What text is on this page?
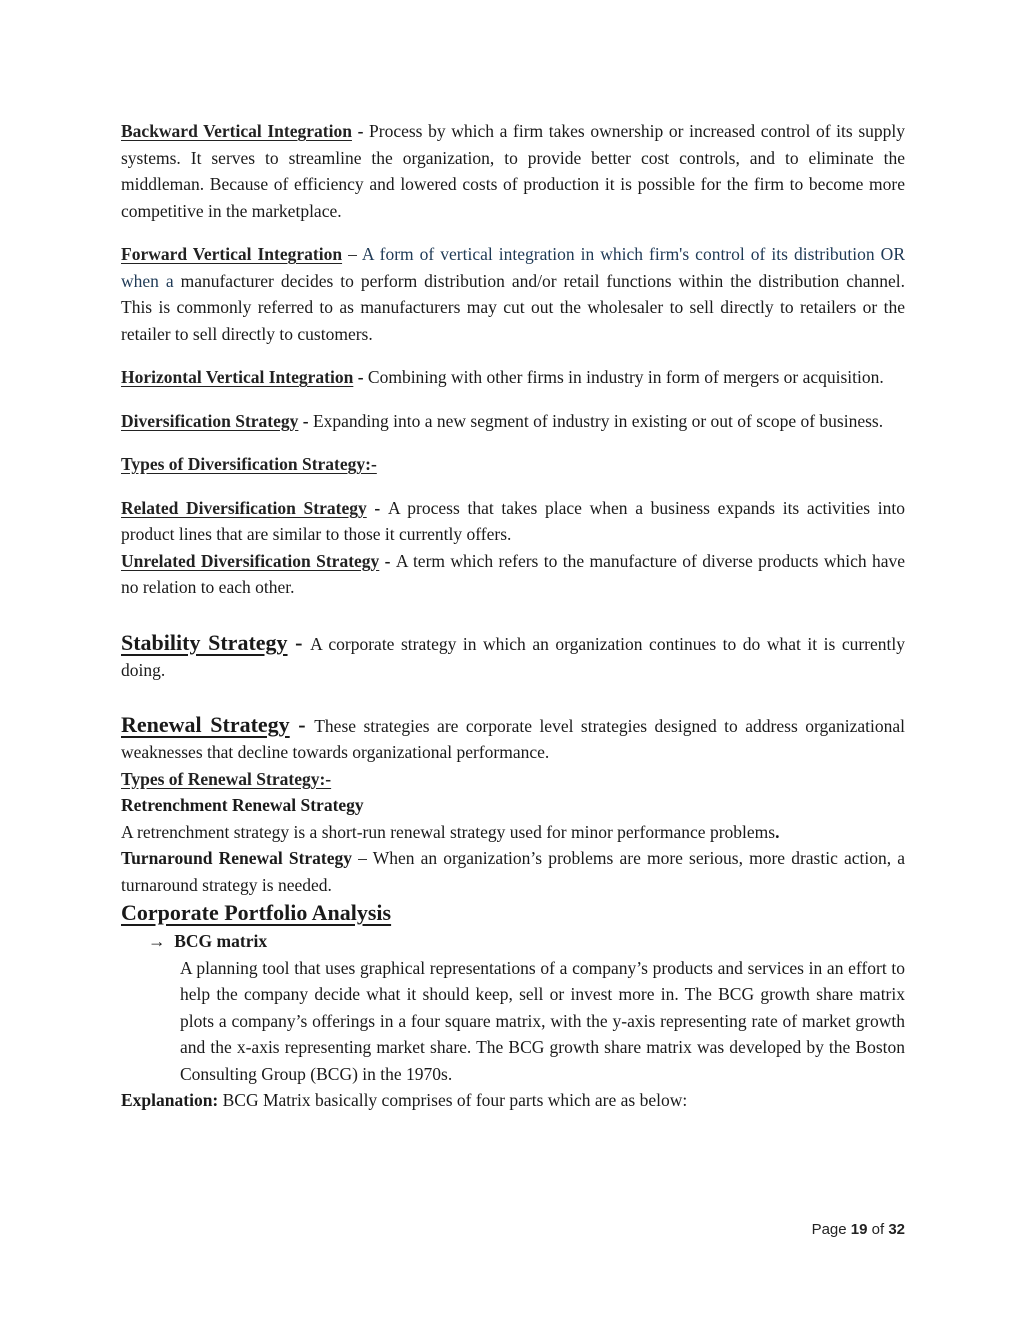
Backward Vertical Integration - Process by which a firm takes ownership or increased control of its supply systems. It serves to streamline the organization, to provide better cost controls, and to eliminate the middleman. Because of efficiency and lowered costs of production it is possible for the firm to become more competitive in the marketplace.

Forward Vertical Integration – A form of vertical integration in which firm's control of its distribution OR when a manufacturer decides to perform distribution and/or retail functions within the distribution channel. This is commonly referred to as manufacturers may cut out the wholesaler to sell directly to retailers or the retailer to sell directly to customers.

Horizontal Vertical Integration - Combining with other firms in industry in form of mergers or acquisition.

Diversification Strategy - Expanding into a new segment of industry in existing or out of scope of business.

Types of Diversification Strategy:-

Related Diversification Strategy - A process that takes place when a business expands its activities into product lines that are similar to those it currently offers.

Unrelated Diversification Strategy - A term which refers to the manufacture of diverse products which have no relation to each other.

Stability Strategy - A corporate strategy in which an organization continues to do what it is currently doing.

Renewal Strategy - These strategies are corporate level strategies designed to address organizational weaknesses that decline towards organizational performance.

Types of Renewal Strategy:-

Retrenchment Renewal Strategy

A retrenchment strategy is a short-run renewal strategy used for minor performance problems.

Turnaround Renewal Strategy – When an organization’s problems are more serious, more drastic action, a turnaround strategy is needed.

Corporate Portfolio Analysis

→ BCG matrix

A planning tool that uses graphical representations of a company’s products and services in an effort to help the company decide what it should keep, sell or invest more in. The BCG growth share matrix plots a company’s offerings in a four square matrix, with the y-axis representing rate of market growth and the x-axis representing market share. The BCG growth share matrix was developed by the Boston Consulting Group (BCG) in the 1970s.

Explanation: BCG Matrix basically comprises of four parts which are as below:

Page 19 of 32
